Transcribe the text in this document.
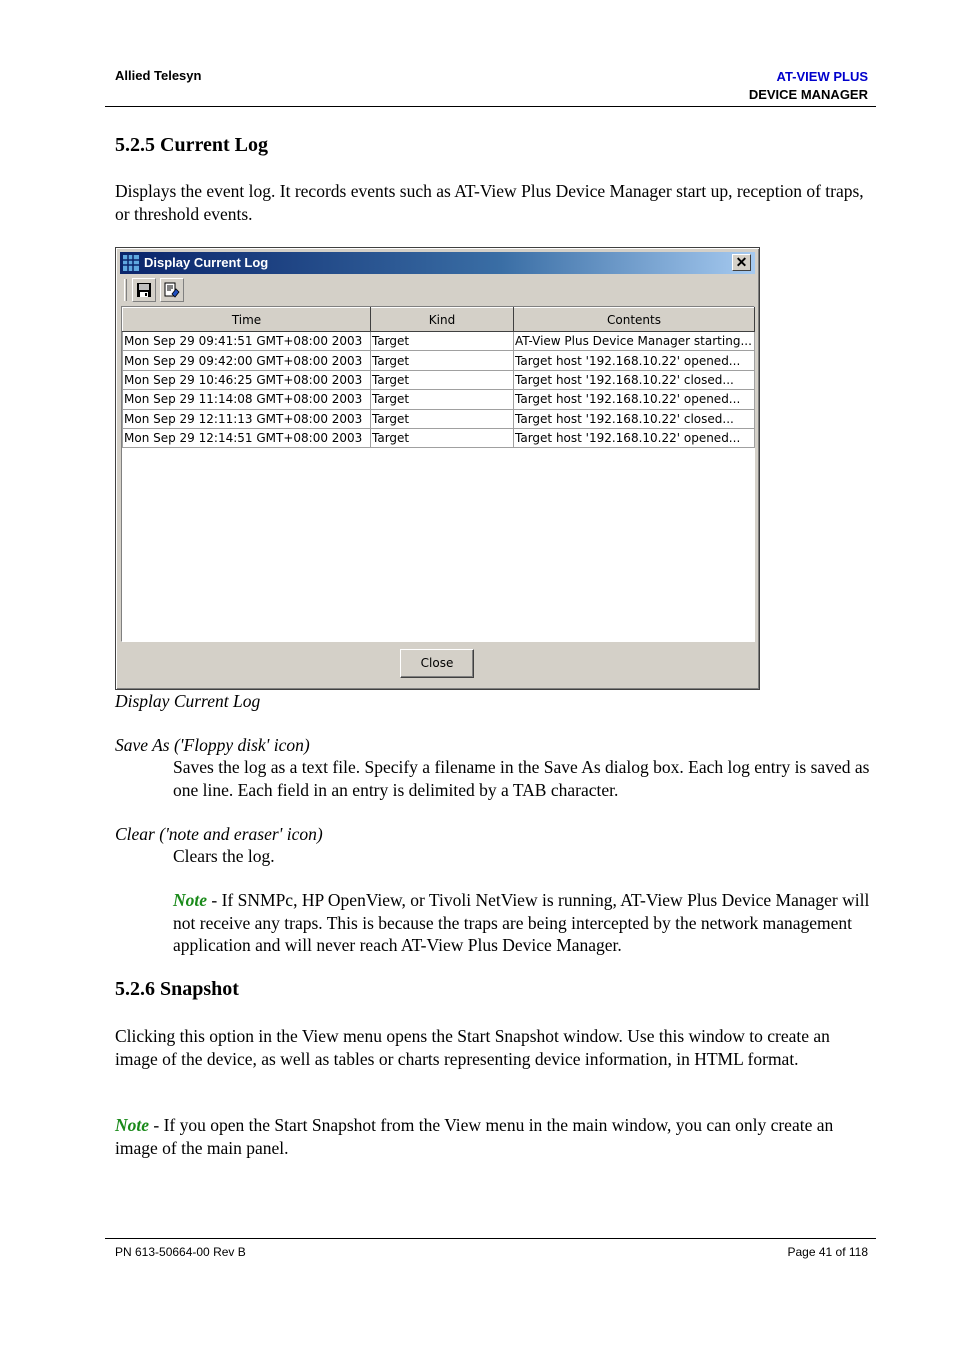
Allied Telesyn	AT-VIEW PLUS
DEVICE MANAGER
5.2.5 Current Log

Displays the event log. It records events such as AT-View Plus Device Manager start up, reception of traps, or threshold events.

Display Current Log	✕
Time	Kind	Contents
Mon Sep 29 09:41:51 GMT+08:00 2003	Target	AT-View Plus Device Manager starting...
Mon Sep 29 09:42:00 GMT+08:00 2003	Target	Target host '192.168.10.22' opened...
Mon Sep 29 10:46:25 GMT+08:00 2003	Target	Target host '192.168.10.22' closed...
Mon Sep 29 11:14:08 GMT+08:00 2003	Target	Target host '192.168.10.22' opened...
Mon Sep 29 12:11:13 GMT+08:00 2003	Target	Target host '192.168.10.22' closed...
Mon Sep 29 12:14:51 GMT+08:00 2003	Target	Target host '192.168.10.22' opened...
Close

Display Current Log

Save As ('Floppy disk' icon)

Saves the log as a text file. Specify a filename in the Save As dialog box. Each log entry is saved as one line. Each field in an entry is delimited by a TAB character.

Clear ('note and eraser' icon)

Clears the log.

Note - If SNMPc, HP OpenView, or Tivoli NetView is running, AT-View Plus Device Manager will not receive any traps. This is because the traps are being intercepted by the network management application and will never reach AT-View Plus Device Manager.

5.2.6 Snapshot

Clicking this option in the View menu opens the Start Snapshot window. Use this window to create an image of the device, as well as tables or charts representing device information, in HTML format.

Note - If you open the Start Snapshot from the View menu in the main window, you can only create an image of the main panel.

PN 613-50664-00 Rev B	Page 41 of 118
